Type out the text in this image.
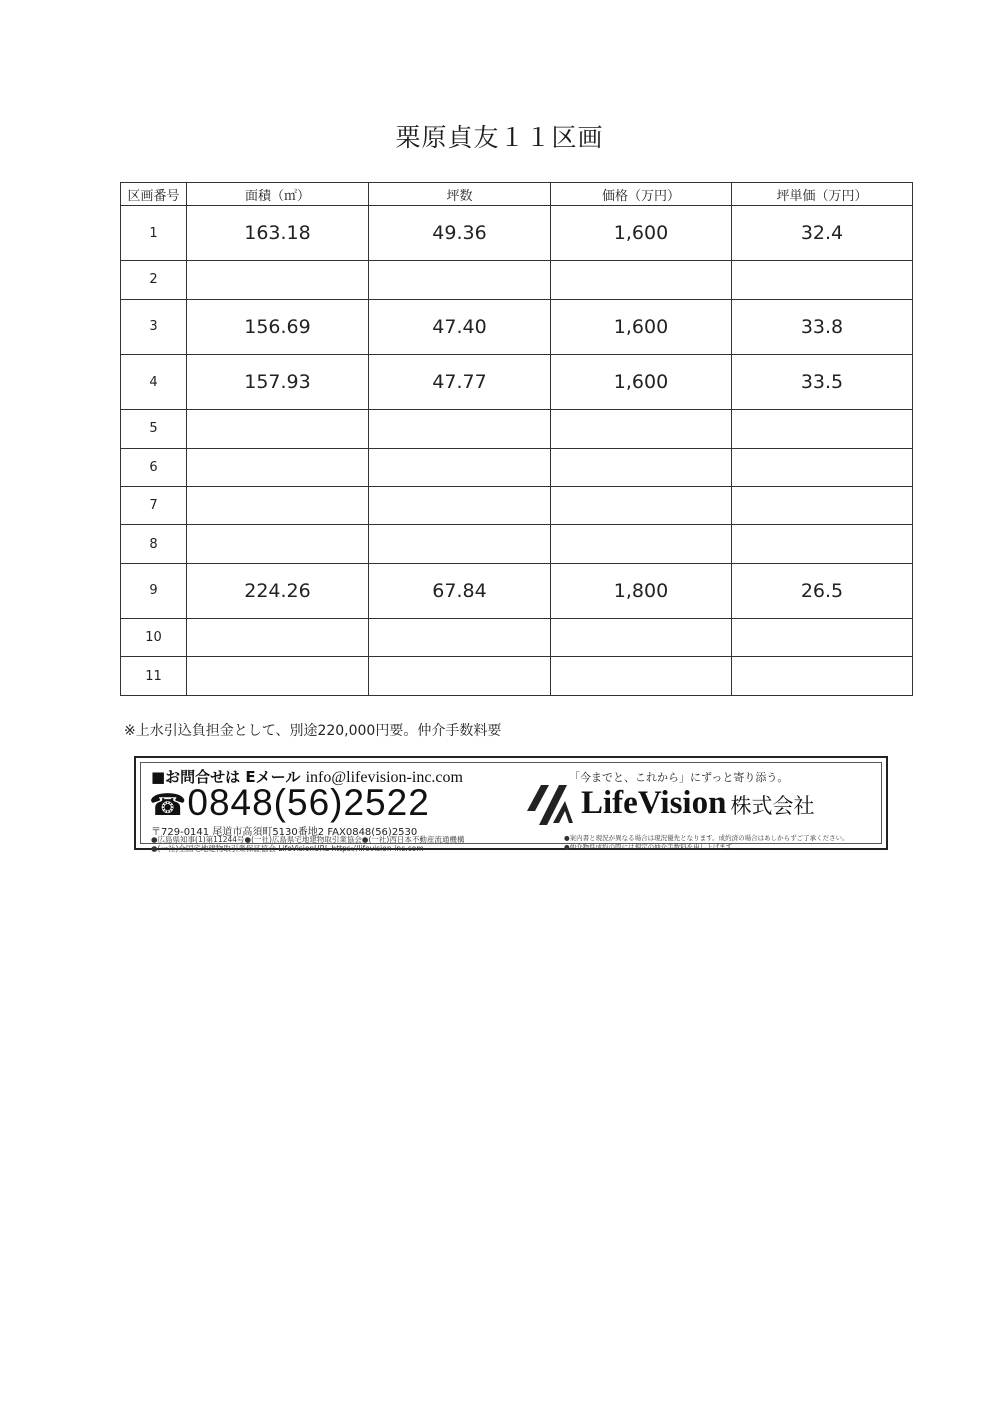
栗原貞友１１区画
区画番号	面積（㎡）	坪数	価格（万円）	坪単価（万円）
1	163.18	49.36	1,600	32.4
2				
3	156.69	47.40	1,600	33.8
4	157.93	47.77	1,600	33.5
5				
6				
7				
8				
9	224.26	67.84	1,800	26.5
10				
11				
※上水引込負担金として、別途220,000円要。仲介手数料要
■お問合せは Eメール info@lifevision-inc.com
☎0848(56)2522
〒729-0141 尾道市高須町5130番地2 FAX0848(56)2530
●広島県知事(1)第11244号●(一社)広島県宅地建物取引業協会●(一社)西日本不動産流通機構
●(一社)全国宅地建物取引業保証協会 LifeVisionURL https://lifevision-inc.com
「今までと、これから」にずっと寄り添う。
LifeVision 株式会社
●案内書と現況が異なる場合は現況優先となります。成約済の場合はあしからずご了承ください。
●仲介物件成約の際には規定の仲介手数料を申し上げます。
